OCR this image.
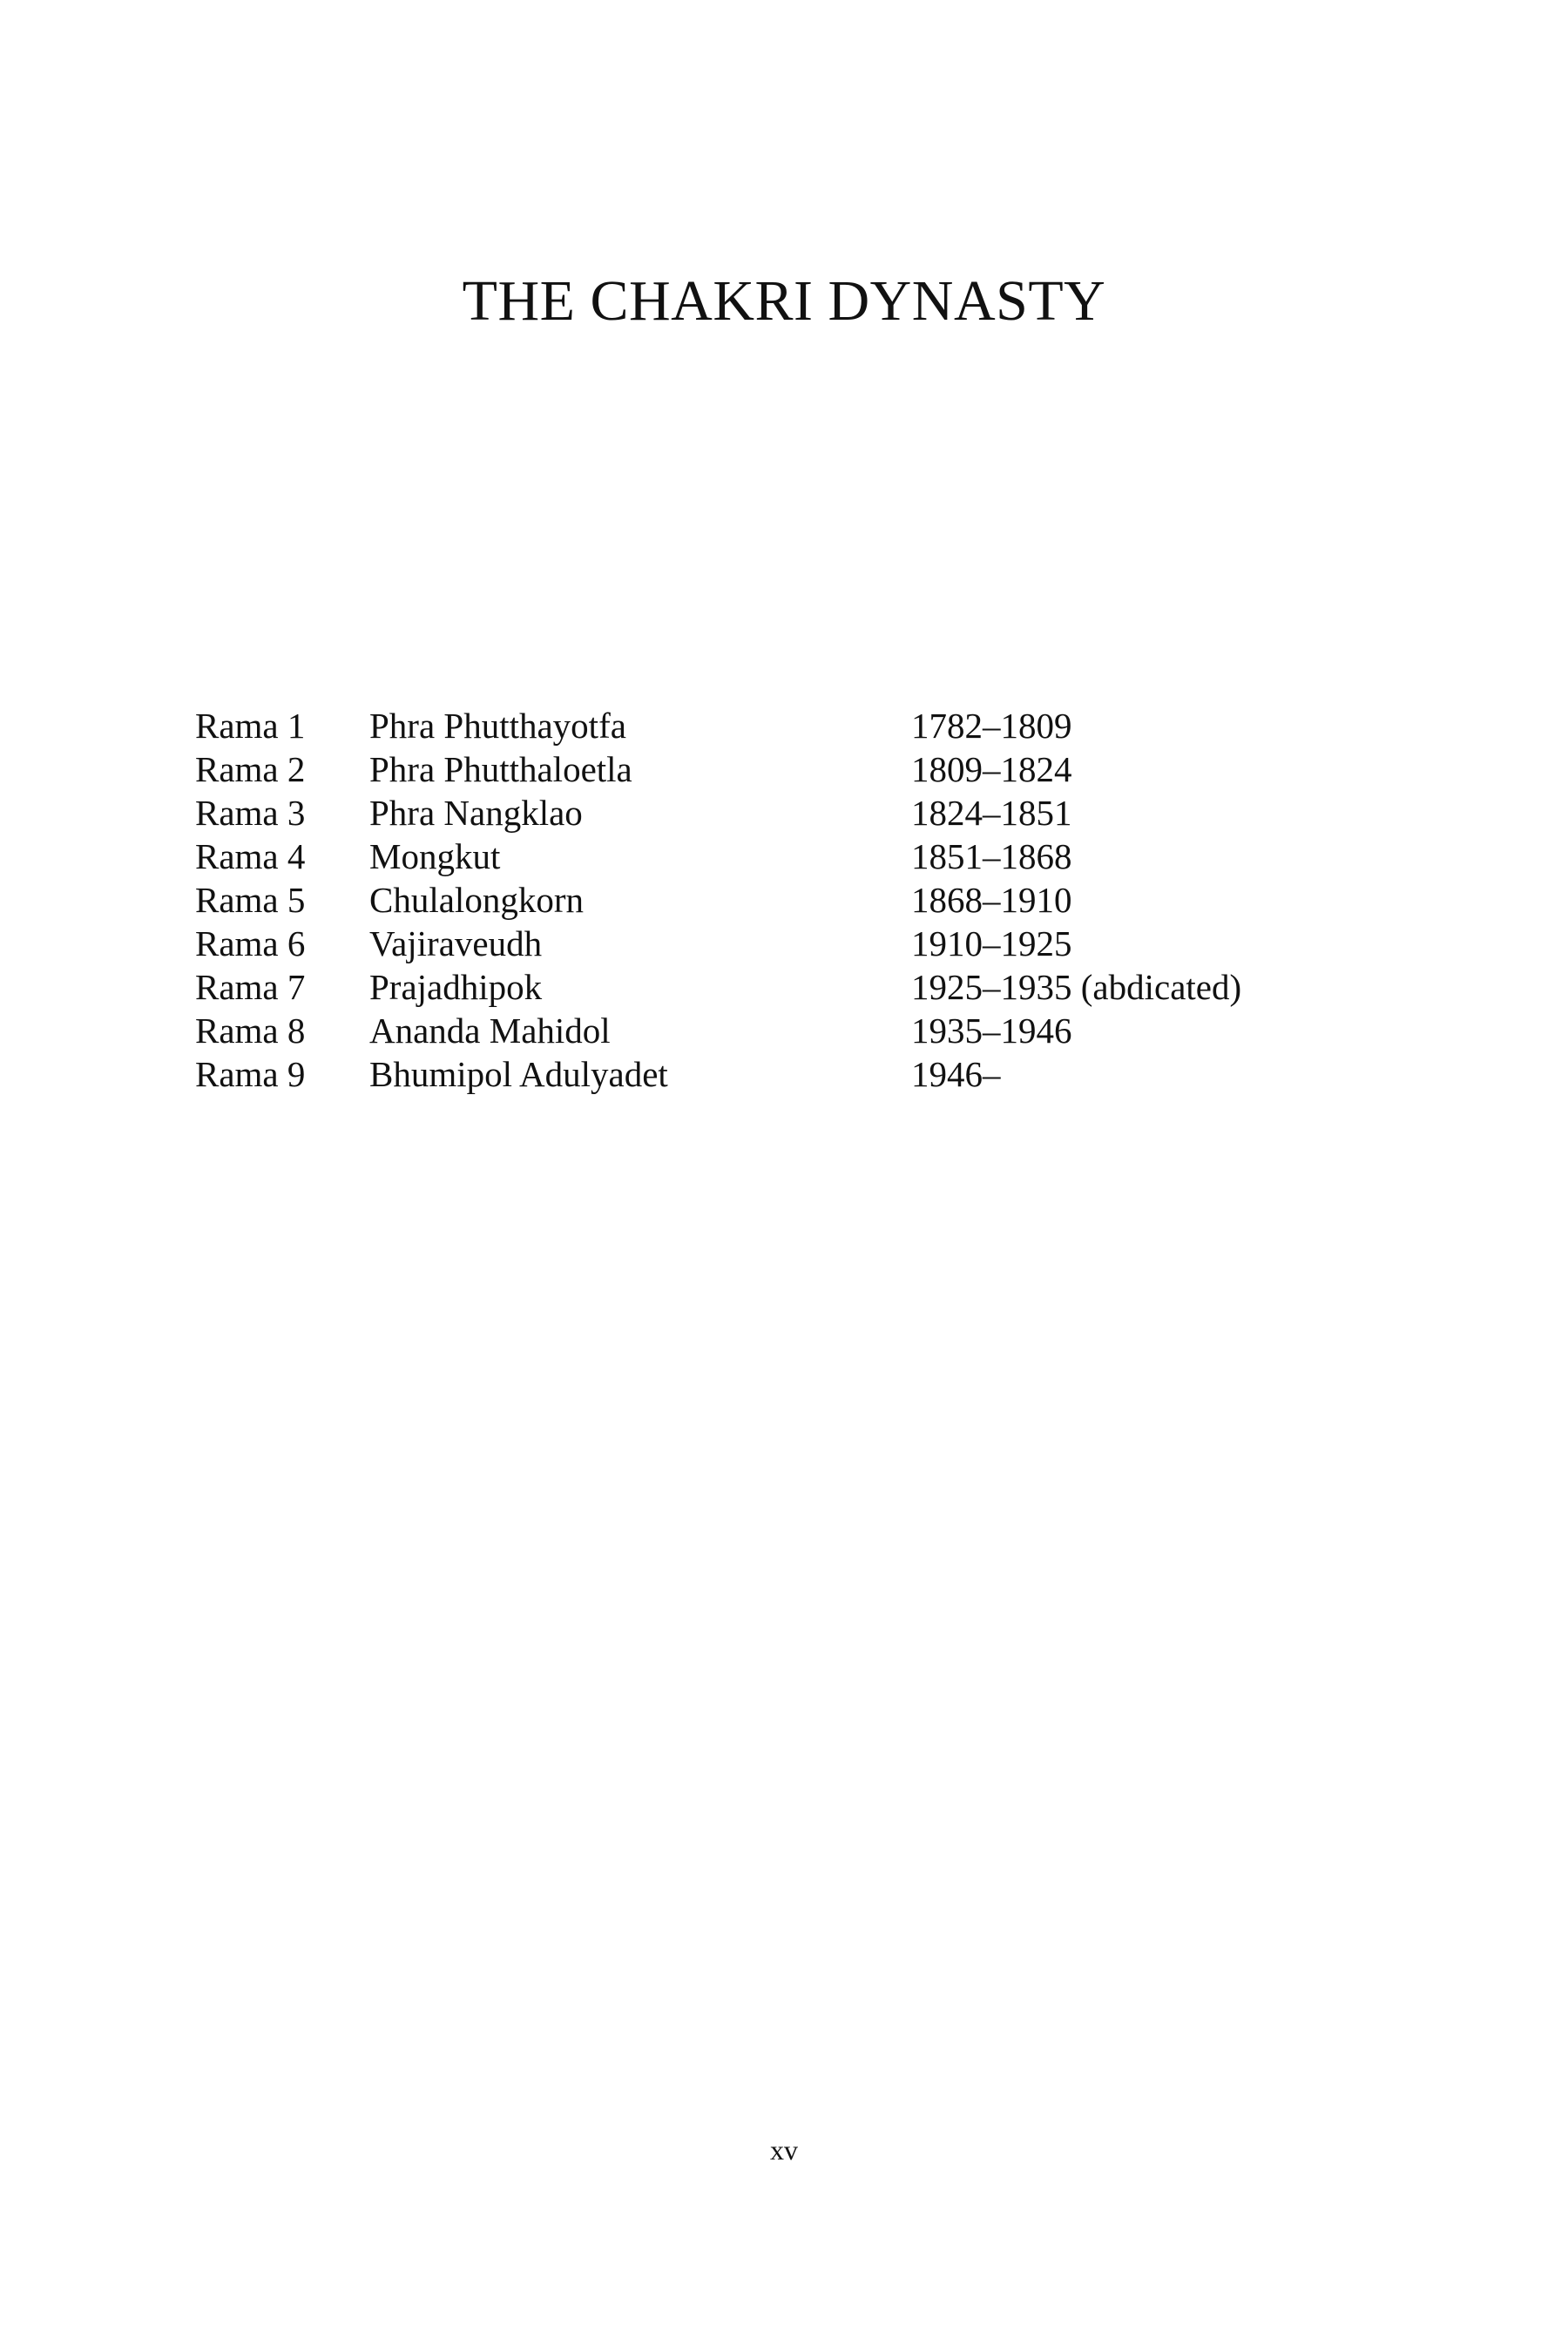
THE CHAKRI DYNASTY
Rama 1 Phra Phutthayotfa	1782–1809
Rama 2 Phra Phutthaloetla	1809–1824
Rama 3 Phra Nangklao	1824–1851
Rama 4 Mongkut	1851–1868
Rama 5 Chulalongkorn	1868–1910
Rama 6 Vajiraveudh	1910–1925
Rama 7 Prajadhipok	1925–1935 (abdicated)
Rama 8 Ananda Mahidol	1935–1946
Rama 9 Bhumipol Adulyadet	1946–
xv
